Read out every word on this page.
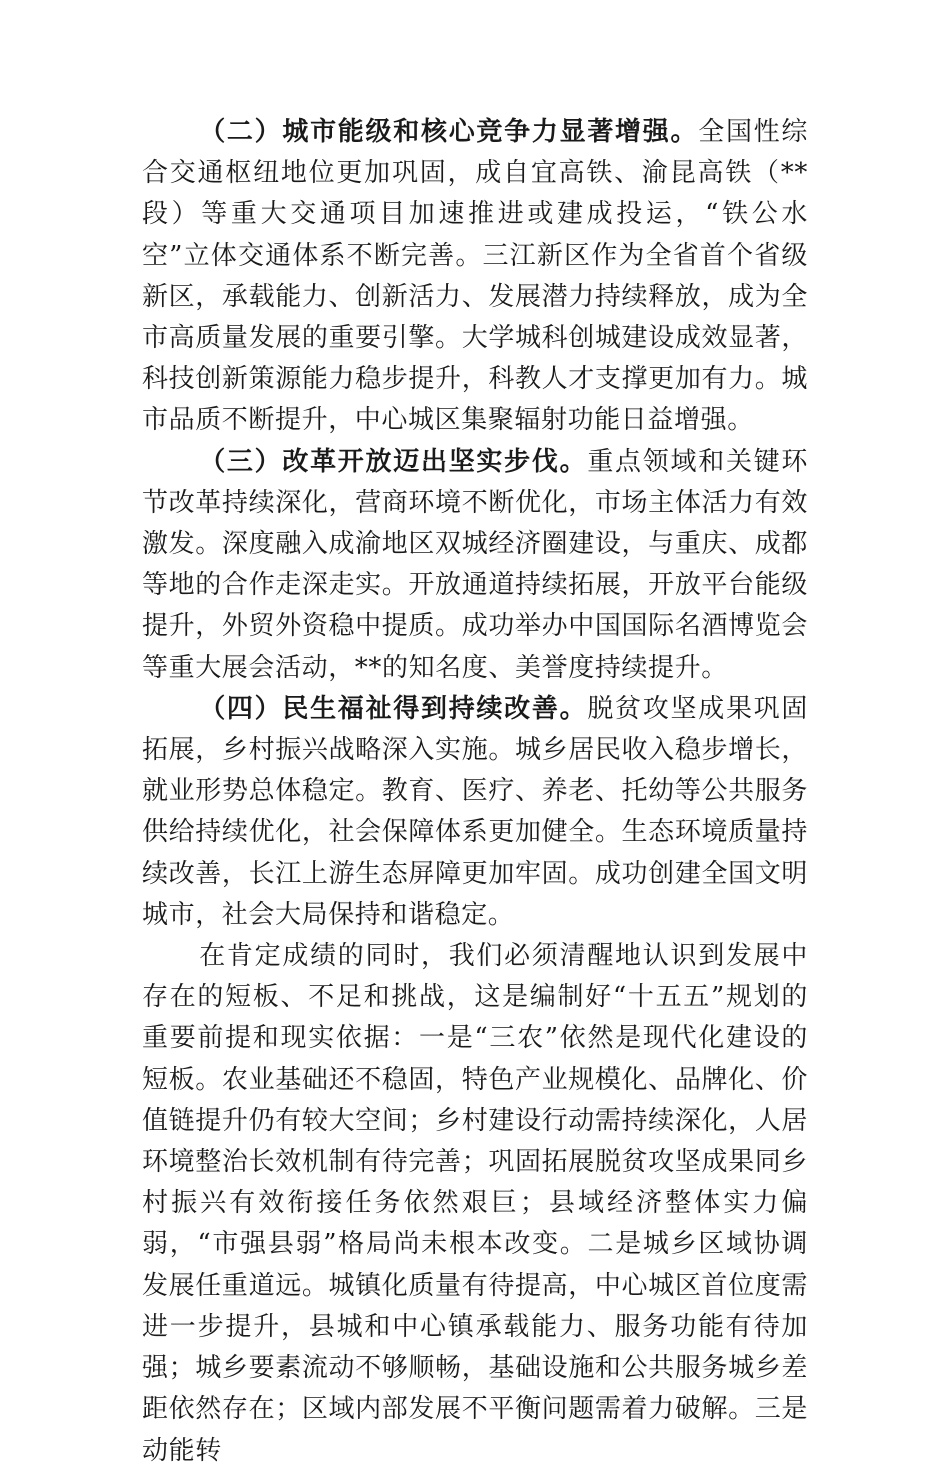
（二）城市能级和核心竞争力显著增强。全国性综合交通枢纽地位更加巩固，成自宜高铁、渝昆高铁（**段）等重大交通项目加速推进或建成投运，“铁公水空”立体交通体系不断完善。三江新区作为全省首个省级新区，承载能力、创新活力、发展潜力持续释放，成为全市高质量发展的重要引擎。大学城科创城建设成效显著，科技创新策源能力稳步提升，科教人才支撑更加有力。城市品质不断提升，中心城区集聚辐射功能日益增强。

（三）改革开放迈出坚实步伐。重点领域和关键环节改革持续深化，营商环境不断优化，市场主体活力有效激发。深度融入成渝地区双城经济圈建设，与重庆、成都等地的合作走深走实。开放通道持续拓展，开放平台能级提升，外贸外资稳中提质。成功举办中国国际名酒博览会等重大展会活动，**的知名度、美誉度持续提升。

（四）民生福祉得到持续改善。脱贫攻坚成果巩固拓展，乡村振兴战略深入实施。城乡居民收入稳步增长，就业形势总体稳定。教育、医疗、养老、托幼等公共服务供给持续优化，社会保障体系更加健全。生态环境质量持续改善，长江上游生态屏障更加牢固。成功创建全国文明城市，社会大局保持和谐稳定。

在肯定成绩的同时，我们必须清醒地认识到发展中存在的短板、不足和挑战，这是编制好“十五五”规划的重要前提和现实依据：一是“三农”依然是现代化建设的短板。农业基础还不稳固，特色产业规模化、品牌化、价值链提升仍有较大空间；乡村建设行动需持续深化，人居环境整治长效机制有待完善；巩固拓展脱贫攻坚成果同乡村振兴有效衔接任务依然艰巨；县域经济整体实力偏弱，“市强县弱”格局尚未根本改变。二是城乡区域协调发展任重道远。城镇化质量有待提高，中心城区首位度需进一步提升，县城和中心镇承载能力、服务功能有待加强；城乡要素流动不够顺畅，基础设施和公共服务城乡差距依然存在；区域内部发展不平衡问题需着力破解。三是动能转
